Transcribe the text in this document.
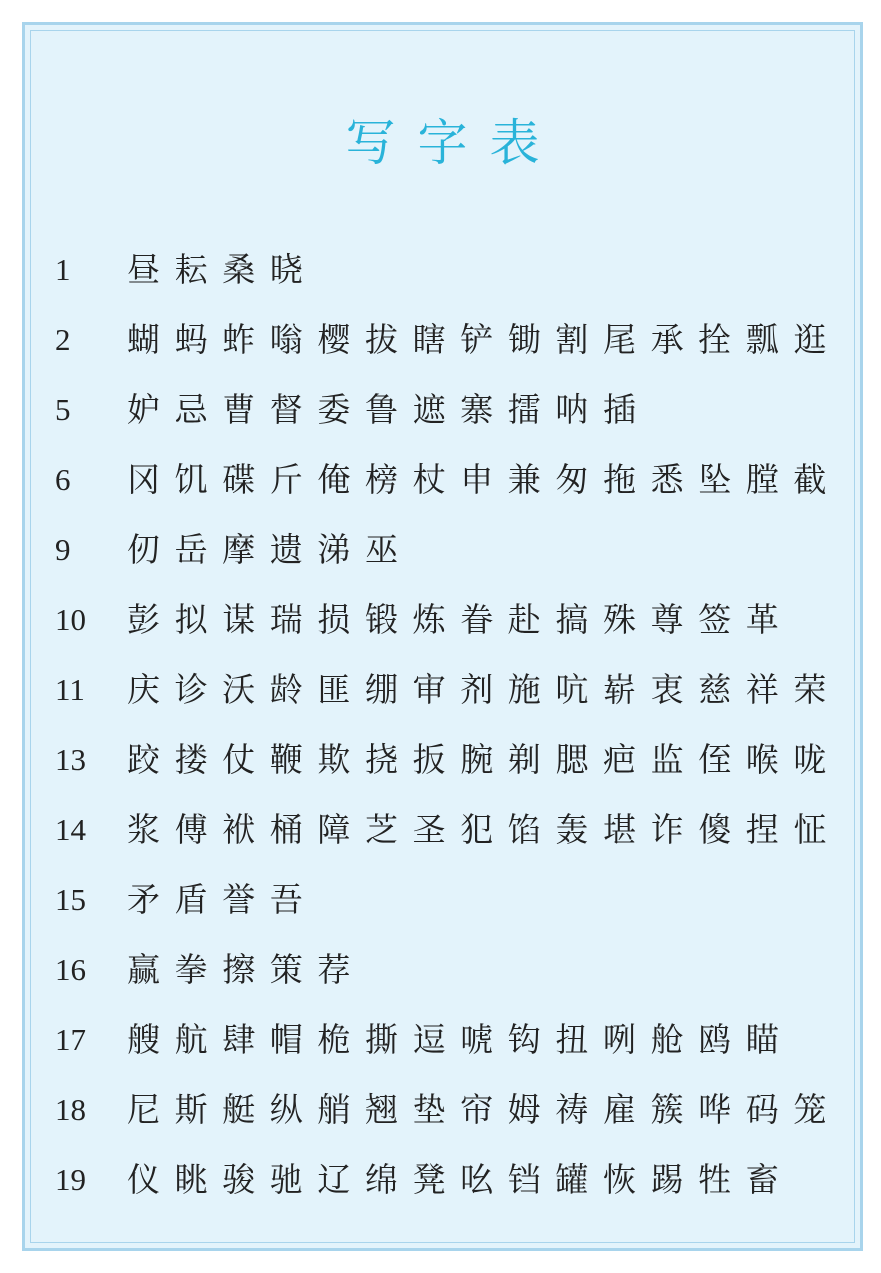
写字表
1	昼耘桑晓
2	蝴蚂蚱嗡樱拔瞎铲锄割尾承拴瓢逛
5	妒忌曹督委鲁遮寨擂呐插
6	冈饥碟斤俺榜杖申兼匆拖悉坠膛截
9	仞岳摩遗涕巫
10	彭拟谋瑞损锻炼眷赴搞殊尊签革
11	庆诊沃龄匪绷审剂施吭崭衷慈祥荣
13	跤搂仗鞭欺挠扳腕剃腮疤监侄喉咙
14	浆傅袱桶障芝圣犯馅轰堪诈傻捏怔
15	矛盾誉吾
16	赢拳擦策荐
17	艘航肆帽桅撕逗唬钩扭咧舱鸥瞄
18	尼斯艇纵艄翘垫帘姆祷雇簇哗码笼
19	仪眺骏驰辽绵凳吆铛罐恢踢牲畜
